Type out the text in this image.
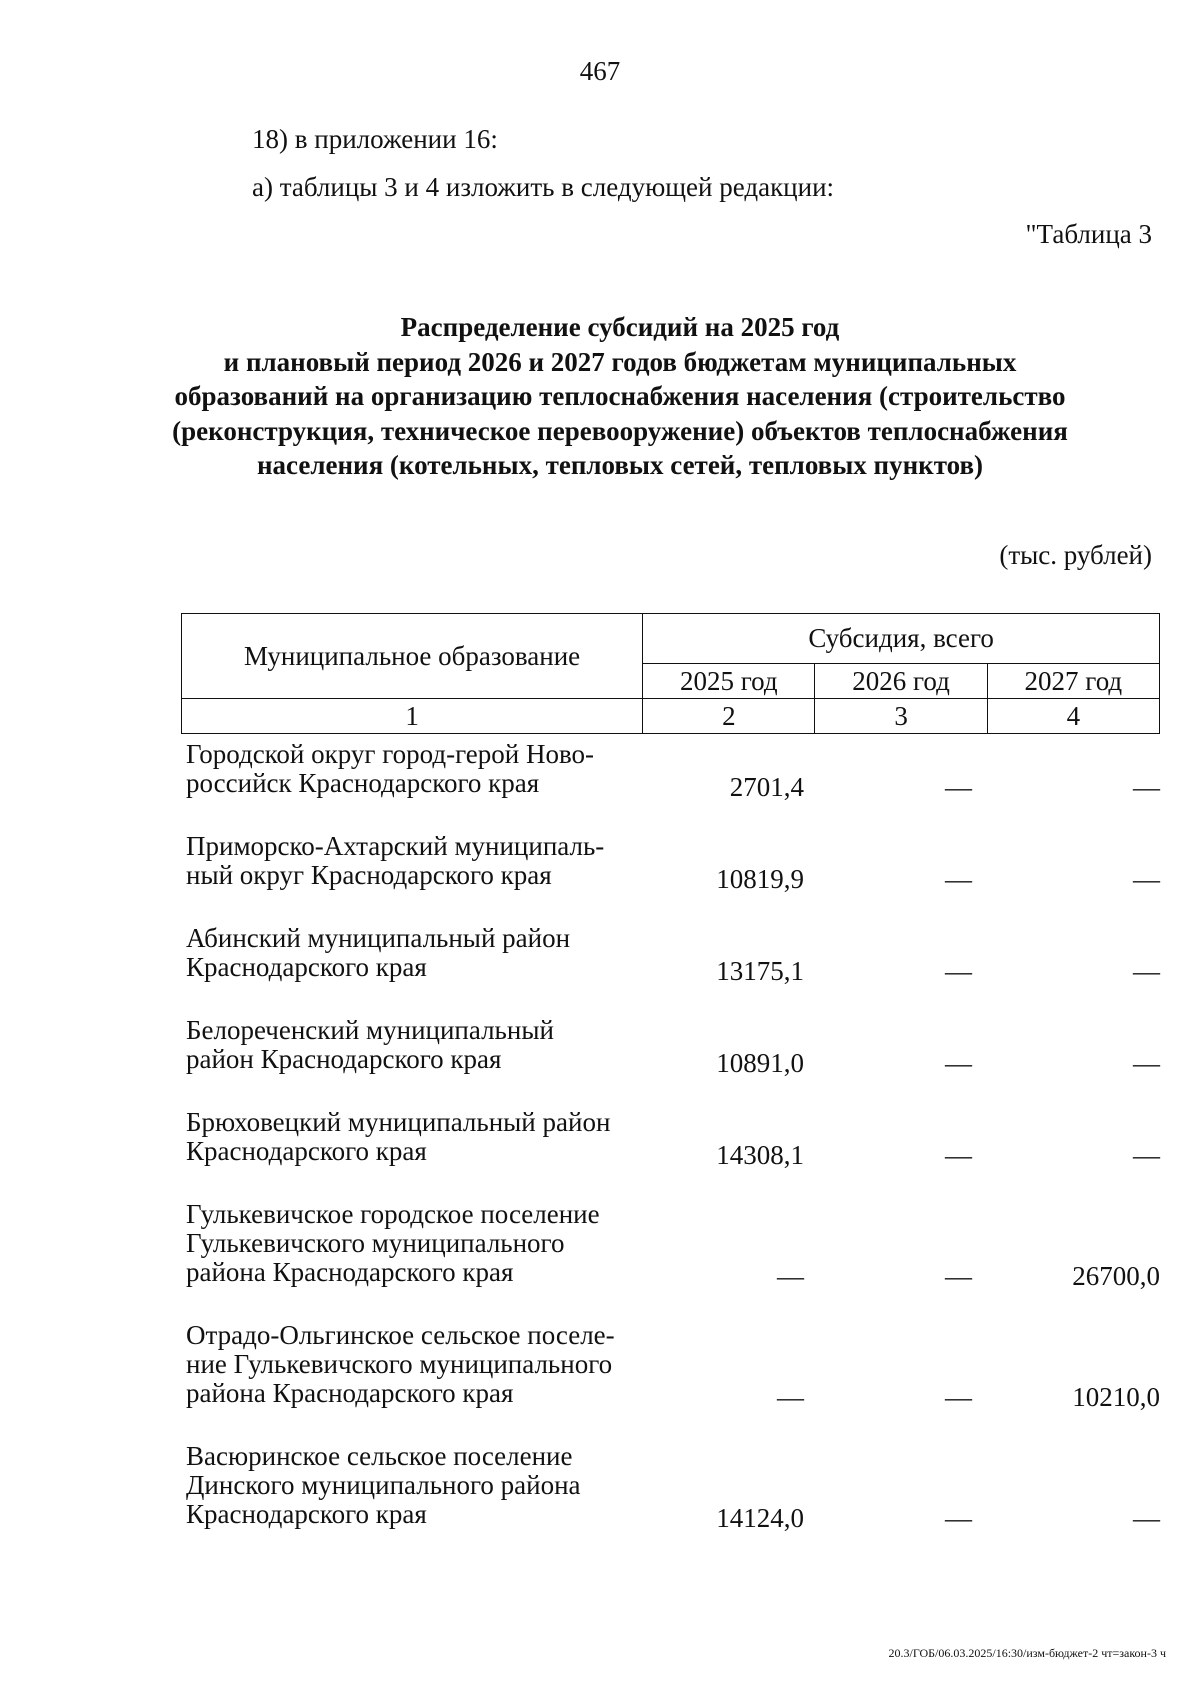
467
18) в приложении 16:
а) таблицы 3 и 4 изложить в следующей редакции:
"Таблица 3
Распределение субсидий на 2025 год
и плановый период 2026 и 2027 годов бюджетам муниципальных
образований на организацию теплоснабжения населения (строительство
(реконструкция, техническое перевооружение) объектов теплоснабжения
населения (котельных, тепловых сетей, тепловых пунктов)
(тыс. рублей)
Муниципальное образование	Субсидия, всего		
	2025 год	2026 год	2027 год
1	2	3	4
Городской округ город-герой Ново-
российск Краснодарского края	2701,4	—	—
Приморско-Ахтарский муниципаль-
ный округ Краснодарского края	10819,9	—	—
Абинский муниципальный район
Краснодарского края	13175,1	—	—
Белореченский муниципальный
район Краснодарского края	10891,0	—	—
Брюховецкий муниципальный район
Краснодарского края	14308,1	—	—
Гулькевичское городское поселение
Гулькевичского муниципального
района Краснодарского края	—	—	26700,0
Отрадо-Ольгинское сельское поселе-
ние Гулькевичского муниципального
района Краснодарского края	—	—	10210,0
Васюринское сельское поселение
Динского муниципального района
Краснодарского края	14124,0	—	—
20.3/ГОБ/06.03.2025/16:30/изм-бюджет-2 чт=закон-3 ч
